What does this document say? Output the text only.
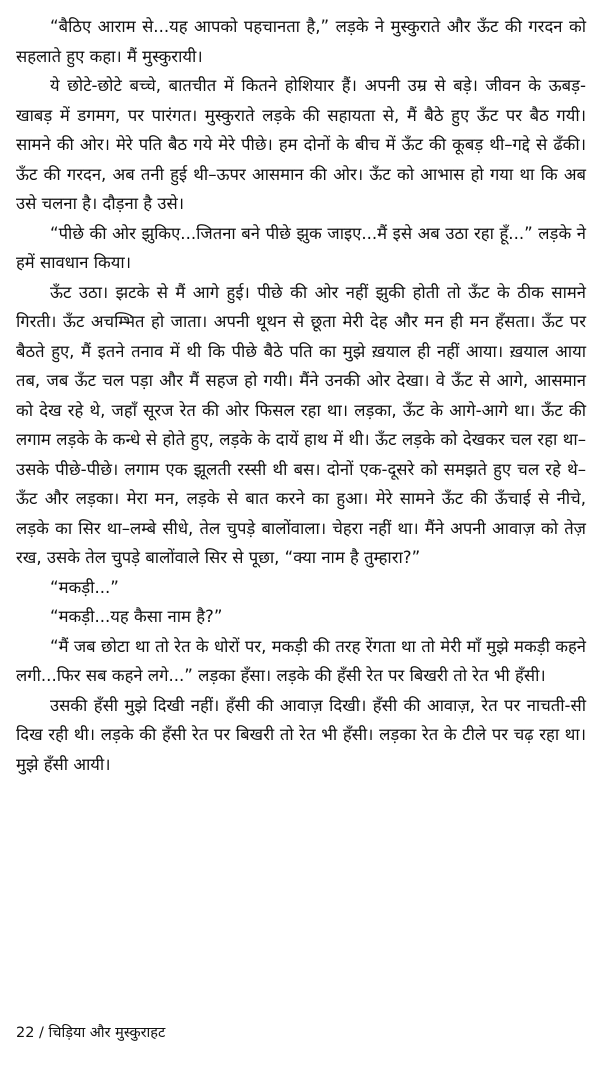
“बैठिए आराम से...यह आपको पहचानता है,” लड़के ने मुस्कुराते और ऊँट की गरदन को सहलाते हुए कहा। मैं मुस्कुरायी।

ये छोटे-छोटे बच्चे, बातचीत में कितने होशियार हैं। अपनी उम्र से बड़े। जीवन के ऊबड़-खाबड़ में डगमग, पर पारंगत। मुस्कुराते लड़के की सहायता से, मैं बैठे हुए ऊँट पर बैठ गयी। सामने की ओर। मेरे पति बैठ गये मेरे पीछे। हम दोनों के बीच में ऊँट की कूबड़ थी–गद्दे से ढँकी। ऊँट की गरदन, अब तनी हुई थी–ऊपर आसमान की ओर। ऊँट को आभास हो गया था कि अब उसे चलना है। दौड़ना है उसे।

“पीछे की ओर झुकिए...जितना बने पीछे झुक जाइए...मैं इसे अब उठा रहा हूँ...” लड़के ने हमें सावधान किया।

ऊँट उठा। झटके से मैं आगे हुई। पीछे की ओर नहीं झुकी होती तो ऊँट के ठीक सामने गिरती। ऊँट अचम्भित हो जाता। अपनी थूथन से छूता मेरी देह और मन ही मन हँसता। ऊँट पर बैठते हुए, मैं इतने तनाव में थी कि पीछे बैठे पति का मुझे ख़याल ही नहीं आया। ख़याल आया तब, जब ऊँट चल पड़ा और मैं सहज हो गयी। मैंने उनकी ओर देखा। वे ऊँट से आगे, आसमान को देख रहे थे, जहाँ सूरज रेत की ओर फिसल रहा था। लड़का, ऊँट के आगे-आगे था। ऊँट की लगाम लड़के के कन्धे से होते हुए, लड़के के दायें हाथ में थी। ऊँट लड़के को देखकर चल रहा था–उसके पीछे-पीछे। लगाम एक झूलती रस्सी थी बस। दोनों एक-दूसरे को समझते हुए चल रहे थे–ऊँट और लड़का। मेरा मन, लड़के से बात करने का हुआ। मेरे सामने ऊँट की ऊँचाई से नीचे, लड़के का सिर था–लम्बे सीधे, तेल चुपड़े बालोंवाला। चेहरा नहीं था। मैंने अपनी आवाज़ को तेज़ रख, उसके तेल चुपड़े बालोंवाले सिर से पूछा, “क्या नाम है तुम्हारा?”

“मकड़ी...”

“मकड़ी...यह कैसा नाम है?”

“मैं जब छोटा था तो रेत के धोरों पर, मकड़ी की तरह रेंगता था तो मेरी माँ मुझे मकड़ी कहने लगी...फिर सब कहने लगे...” लड़का हँसा। लड़के की हँसी रेत पर बिखरी तो रेत भी हँसी।

उसकी हँसी मुझे दिखी नहीं। हँसी की आवाज़ दिखी। हँसी की आवाज़, रेत पर नाचती-सी दिख रही थी। लड़के की हँसी रेत पर बिखरी तो रेत भी हँसी। लड़का रेत के टीले पर चढ़ रहा था। मुझे हँसी आयी।

22 / चिड़िया और मुस्कुराहट
